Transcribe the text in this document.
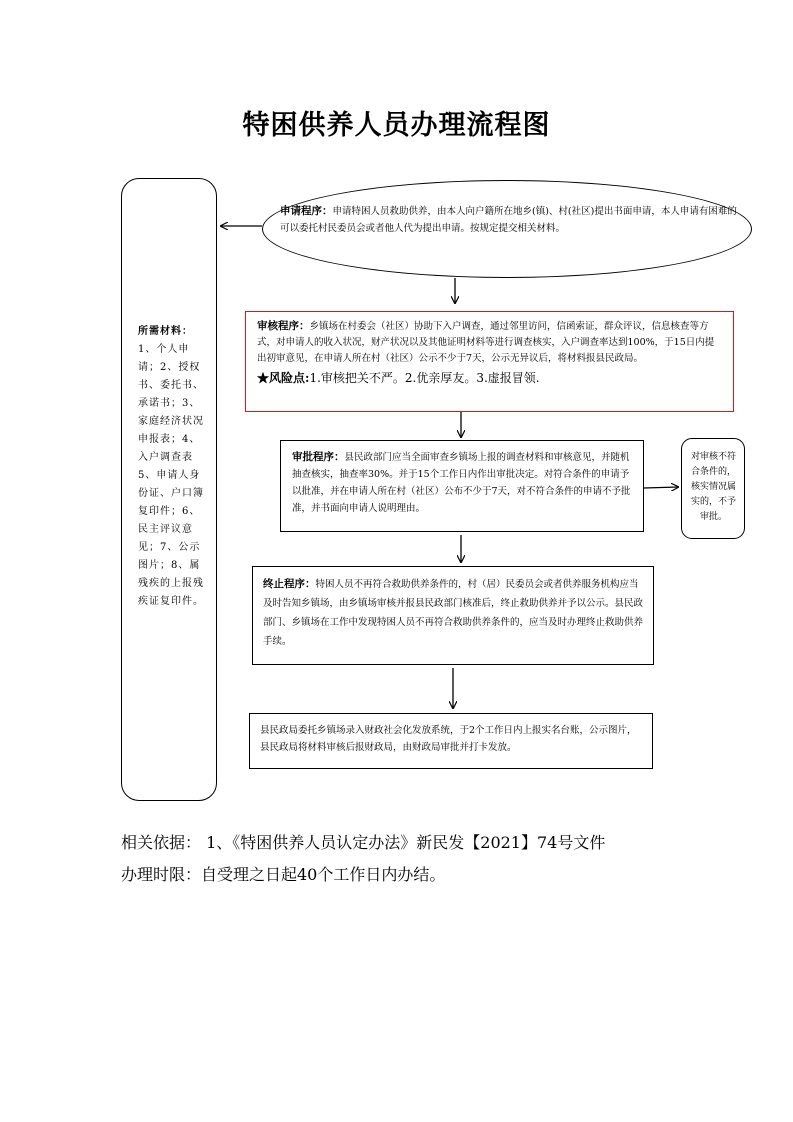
特困供养人员办理流程图
所需材料：
1、个人申请；2、授权书、委托书、承诺书；3、家庭经济状况申报表；4、入户调查表5、申请人身份证、户口簿复印件；6、民主评议意见；7、公示图片；8、属残疾的上报残疾证复印件。
申请程序：申请特困人员救助供养，由本人向户籍所在地乡(镇)、村(社区)提出书面申请，本人申请有困难的可以委托村民委员会或者他人代为提出申请。按规定提交相关材料。
审核程序：乡镇场在村委会（社区）协助下入户调查，通过邻里访问，信函索证，群众评议，信息核查等方式，对申请人的收入状况，财产状况以及其他证明材料等进行调查核实，入户调查率达到100%，于15日内提出初审意见，在申请人所在村（社区）公示不少于7天，公示无异议后，将材料报县民政局。
★风险点:1.审核把关不严。2.优亲厚友。3.虚报冒领.
审批程序：县民政部门应当全面审查乡镇场上报的调查材料和审核意见，并随机抽查核实，抽查率30%。并于15个工作日内作出审批决定。对符合条件的申请予以批准，并在申请人所在村（社区）公布不少于7天，对不符合条件的申请不予批准，并书面向申请人说明理由。
对审核不符合条件的，核实情况属实的，不予审批。
终止程序：特困人员不再符合救助供养条件的，村（居）民委员会或者供养服务机构应当及时告知乡镇场，由乡镇场审核并报县民政部门核准后，终止救助供养并予以公示。县民政部门、乡镇场在工作中发现特困人员不再符合救助供养条件的，应当及时办理终止救助供养手续。
县民政局委托乡镇场录入财政社会化发放系统，于2个工作日内上报实名台账，公示图片，县民政局将材料审核后报财政局，由财政局审批并打卡发放。
相关依据： 1、《特困供养人员认定办法》新民发【2021】74号文件
办理时限：自受理之日起40个工作日内办结。
